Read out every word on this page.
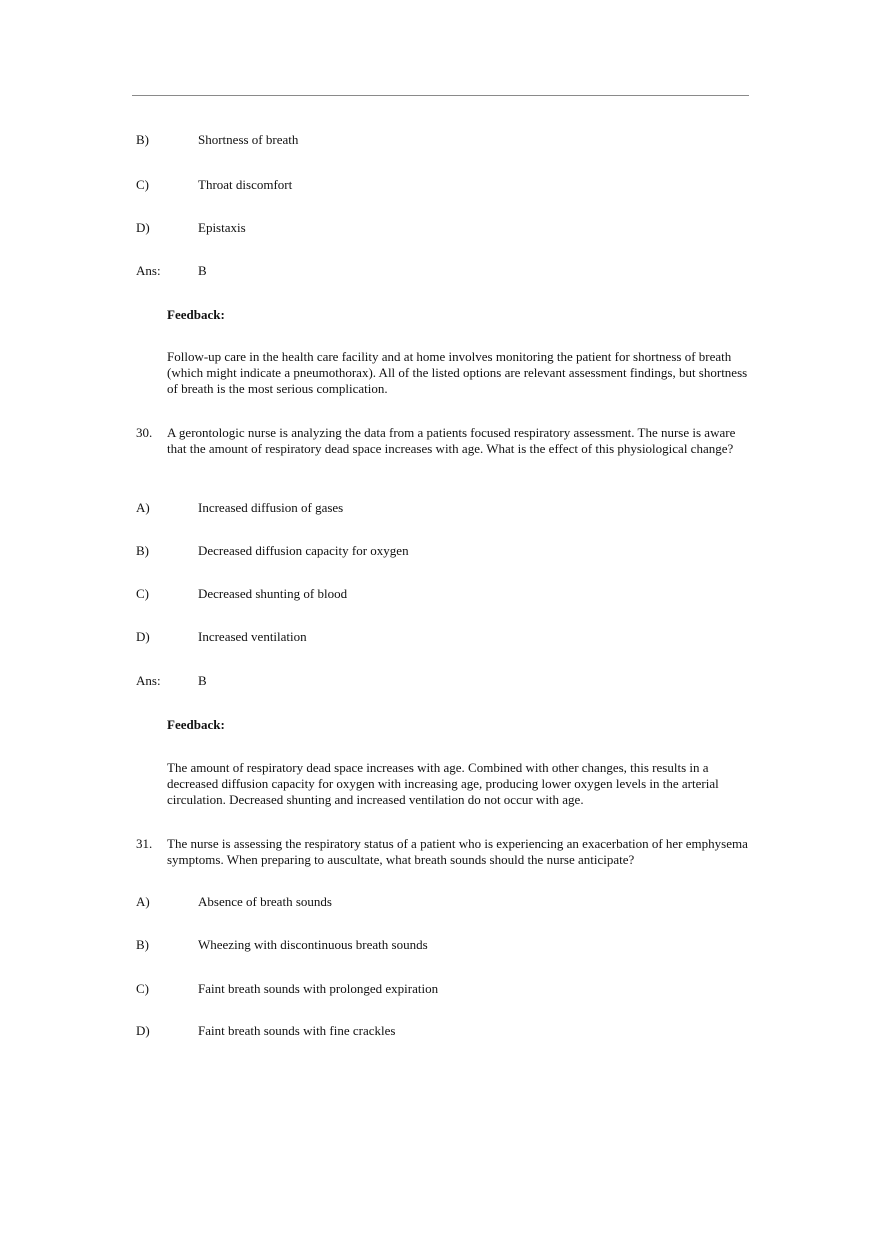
B)	Shortness of breath
C)	Throat discomfort
D)	Epistaxis
Ans:	B
Feedback:
Follow-up care in the health care facility and at home involves monitoring the patient for shortness of breath (which might indicate a pneumothorax). All of the listed options are relevant assessment findings, but shortness of breath is the most serious complication.
30. A gerontologic nurse is analyzing the data from a patients focused respiratory assessment. The nurse is aware that the amount of respiratory dead space increases with age. What is the effect of this physiological change?
A)	Increased diffusion of gases
B)	Decreased diffusion capacity for oxygen
C)	Decreased shunting of blood
D)	Increased ventilation
Ans:	B
Feedback:
The amount of respiratory dead space increases with age. Combined with other changes, this results in a decreased diffusion capacity for oxygen with increasing age, producing lower oxygen levels in the arterial circulation. Decreased shunting and increased ventilation do not occur with age.
31. The nurse is assessing the respiratory status of a patient who is experiencing an exacerbation of her emphysema symptoms. When preparing to auscultate, what breath sounds should the nurse anticipate?
A)	Absence of breath sounds
B)	Wheezing with discontinuous breath sounds
C)	Faint breath sounds with prolonged expiration
D)	Faint breath sounds with fine crackles
